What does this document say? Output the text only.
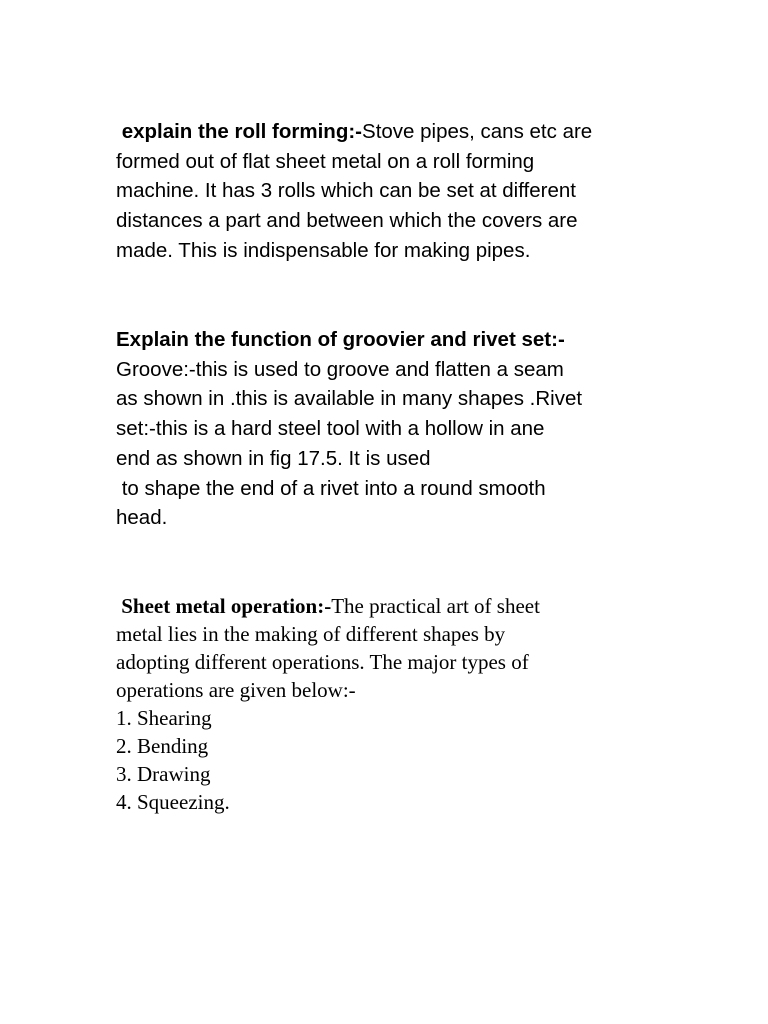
explain the roll forming:-Stove pipes, cans etc are
formed out of flat sheet metal on a roll forming
machine. It has 3 rolls which can be set at different
distances a part and between which the covers are
made. This is indispensable for making pipes.
Explain the function of groovier and rivet set:-
Groove:-this is used to groove and flatten a seam
as shown in .this is available in many shapes .Rivet
set:-this is a hard steel tool with a hollow in ane
end as shown in fig 17.5. It is used
to shape the end of a rivet into a round smooth
head.
Sheet metal operation:-The practical art of sheet
metal lies in the making of different shapes by
adopting different operations. The major types of
operations are given below:-
1. Shearing
2. Bending
3. Drawing
4. Squeezing.
